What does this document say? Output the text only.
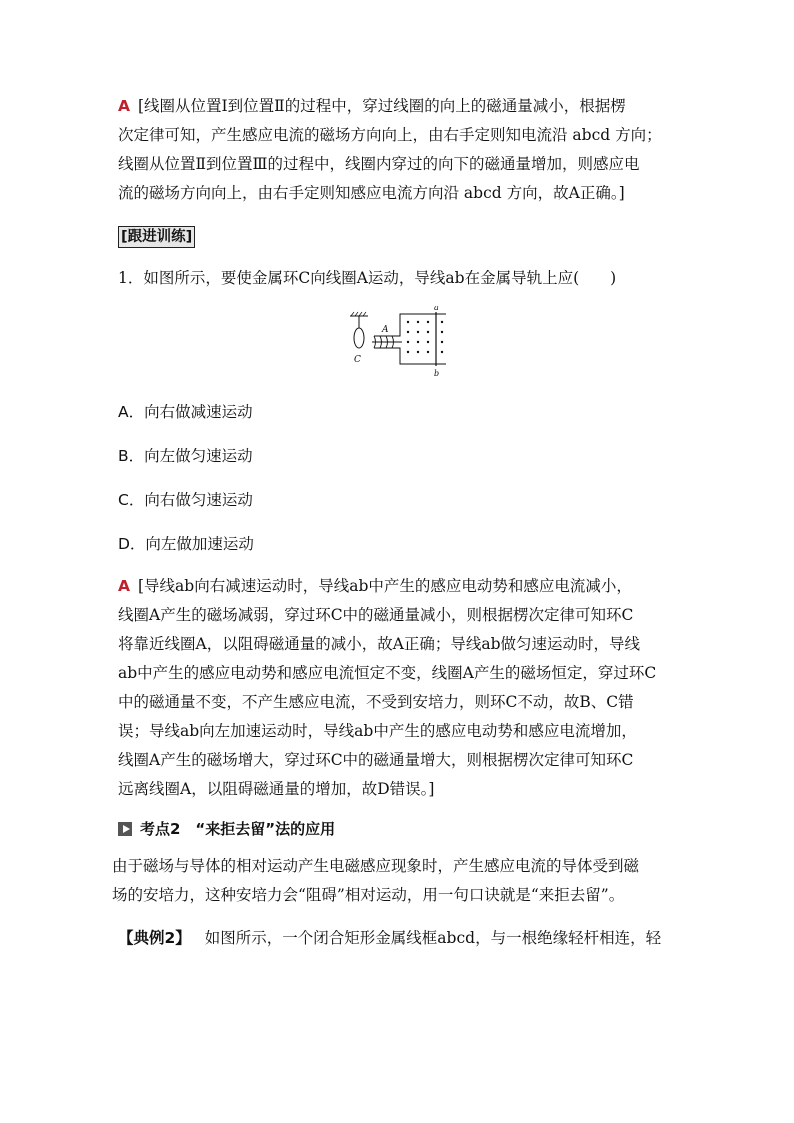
A [线圈从位置Ⅰ到位置Ⅱ的过程中，穿过线圈的向上的磁通量减小，根据楞

次定律可知，产生感应电流的磁场方向向上，由右手定则知电流沿 abcd 方向；

线圈从位置Ⅱ到位置Ⅲ的过程中，线圈内穿过的向下的磁通量增加，则感应电

流的磁场方向向上，由右手定则知感应电流方向沿 abcd 方向，故A正确。]

[跟进训练]

1．如图所示，要使金属环C向线圈A运动，导线ab在金属导轨上应(　　)

C
A
a
b

A．向右做减速运动

B．向左做匀速运动

C．向右做匀速运动

D．向左做加速运动

A [导线ab向右减速运动时，导线ab中产生的感应电动势和感应电流减小，

线圈A产生的磁场减弱，穿过环C中的磁通量减小，则根据楞次定律可知环C

将靠近线圈A，以阻碍磁通量的减小，故A正确；导线ab做匀速运动时，导线

ab中产生的感应电动势和感应电流恒定不变，线圈A产生的磁场恒定，穿过环C

中的磁通量不变，不产生感应电流，不受到安培力，则环C不动，故B、C错

误；导线ab向左加速运动时，导线ab中产生的感应电动势和感应电流增加，

线圈A产生的磁场增大，穿过环C中的磁通量增大，则根据楞次定律可知环C

远离线圈A，以阻碍磁通量的增加，故D错误。]

考点2　“来拒去留”法的应用

由于磁场与导体的相对运动产生电磁感应现象时，产生感应电流的导体受到磁

场的安培力，这种安培力会“阻碍”相对运动，用一句口诀就是“来拒去留”。

【典例2】 如图所示，一个闭合矩形金属线框abcd，与一根绝缘轻杆相连，轻
